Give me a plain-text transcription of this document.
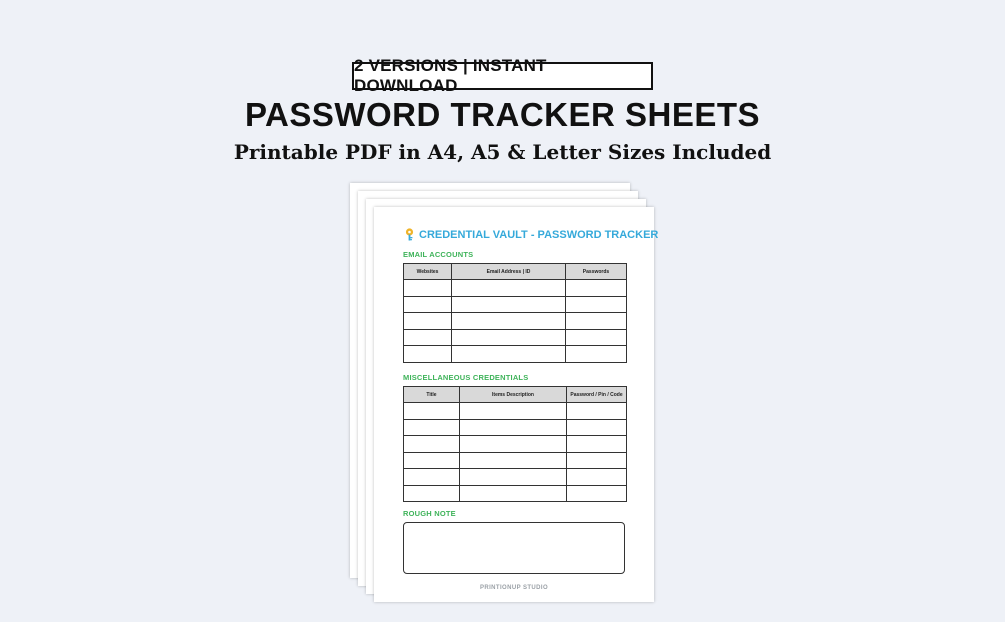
2 VERSIONS | INSTANT DOWNLOAD
PASSWORD TRACKER SHEETS
Printable PDF in A4, A5 & Letter Sizes Included
CREDENTIAL VAULT - PASSWORD TRACKER
EMAIL ACCOUNTS
Websites	Email Address | ID	Passwords

MISCELLANEOUS CREDENTIALS
Title	Items Description	Password / Pin / Code

ROUGH NOTE
PRINTIONUP STUDIO
